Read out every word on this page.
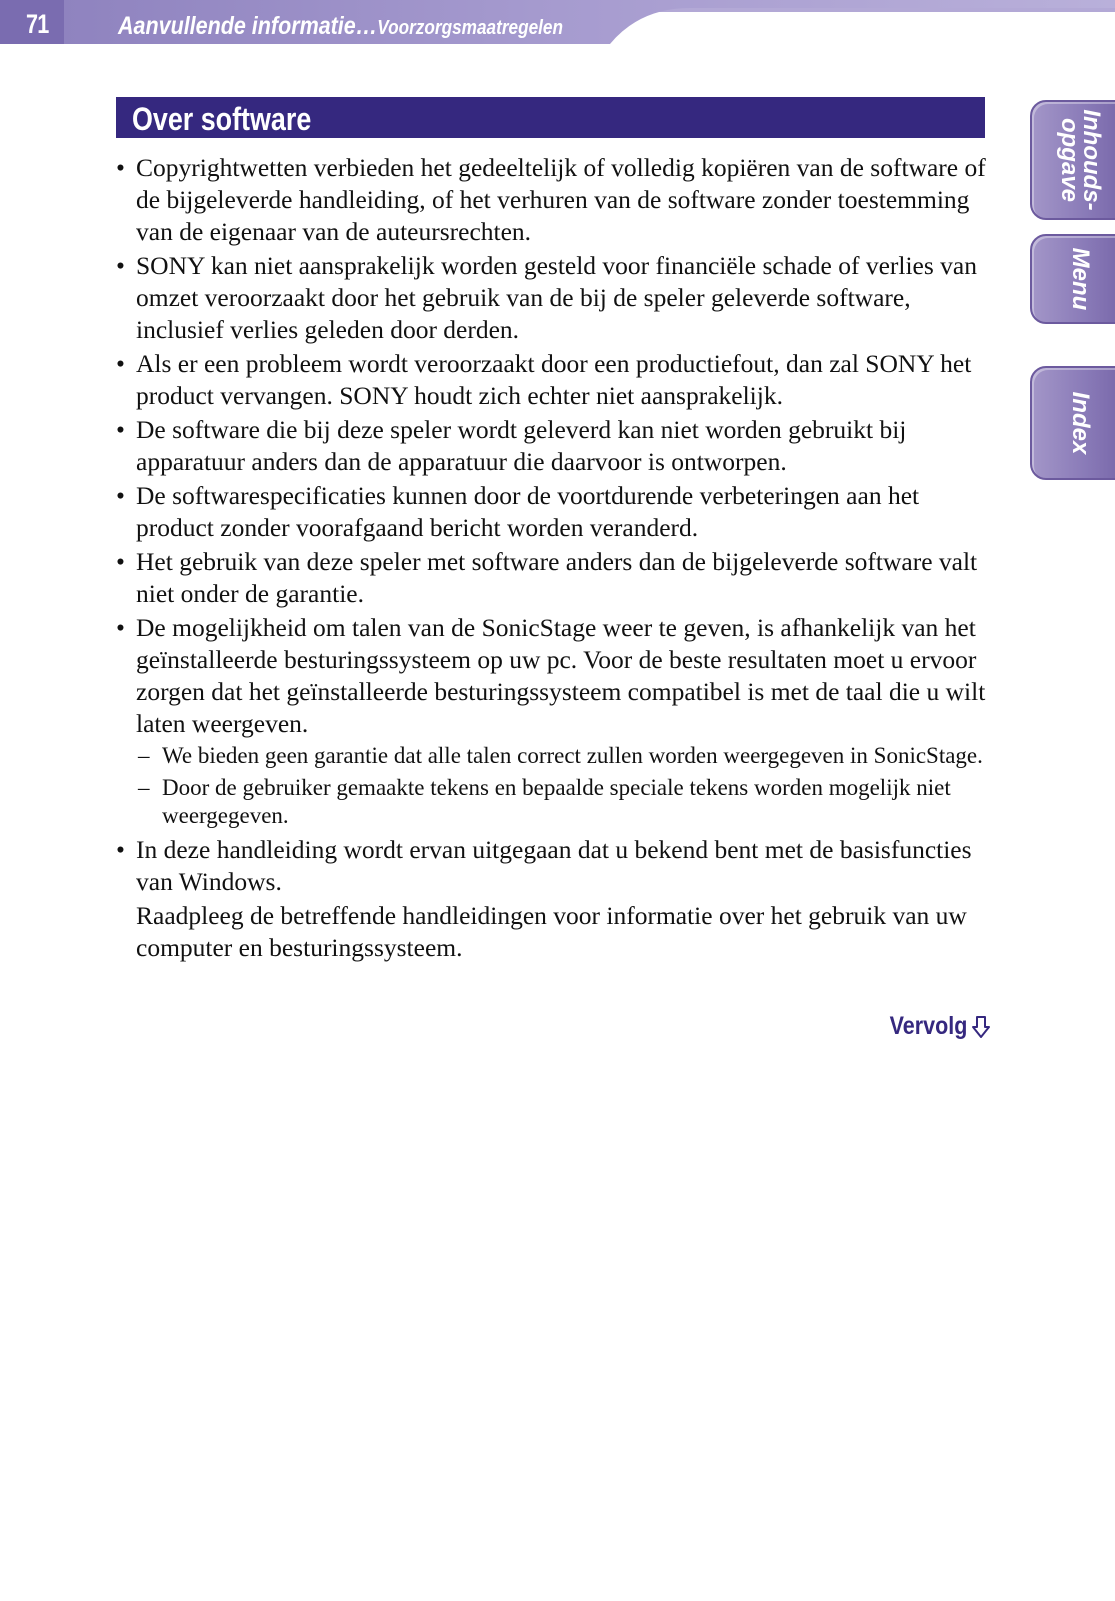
71	Aanvullende informatie…Voorzorgsmaatregelen
Inhouds-
opgave
Menu
Index
Over software

• Copyrightwetten verbieden het gedeeltelijk of volledig kopiëren van de software of de bijgeleverde handleiding, of het verhuren van de software zonder toestemming van de eigenaar van de auteursrechten.

• SONY kan niet aansprakelijk worden gesteld voor financiële schade of verlies van omzet veroorzaakt door het gebruik van de bij de speler geleverde software, inclusief verlies geleden door derden.

• Als er een probleem wordt veroorzaakt door een productiefout, dan zal SONY het product vervangen. SONY houdt zich echter niet aansprakelijk.

• De software die bij deze speler wordt geleverd kan niet worden gebruikt bij apparatuur anders dan de apparatuur die daarvoor is ontworpen.

• De softwarespecificaties kunnen door de voortdurende verbeteringen aan het product zonder voorafgaand bericht worden veranderd.

• Het gebruik van deze speler met software anders dan de bijgeleverde software valt niet onder de garantie.

• De mogelijkheid om talen van de SonicStage weer te geven, is afhankelijk van het geïnstalleerde besturingssysteem op uw pc. Voor de beste resultaten moet u ervoor zorgen dat het geïnstalleerde besturingssysteem compatibel is met de taal die u wilt laten weergeven.

– We bieden geen garantie dat alle talen correct zullen worden weergegeven in SonicStage.

– Door de gebruiker gemaakte tekens en bepaalde speciale tekens worden mogelijk niet weergegeven.

• In deze handleiding wordt ervan uitgegaan dat u bekend bent met de basisfuncties van Windows.

Raadpleeg de betreffende handleidingen voor informatie over het gebruik van uw computer en besturingssysteem.

Vervolg
